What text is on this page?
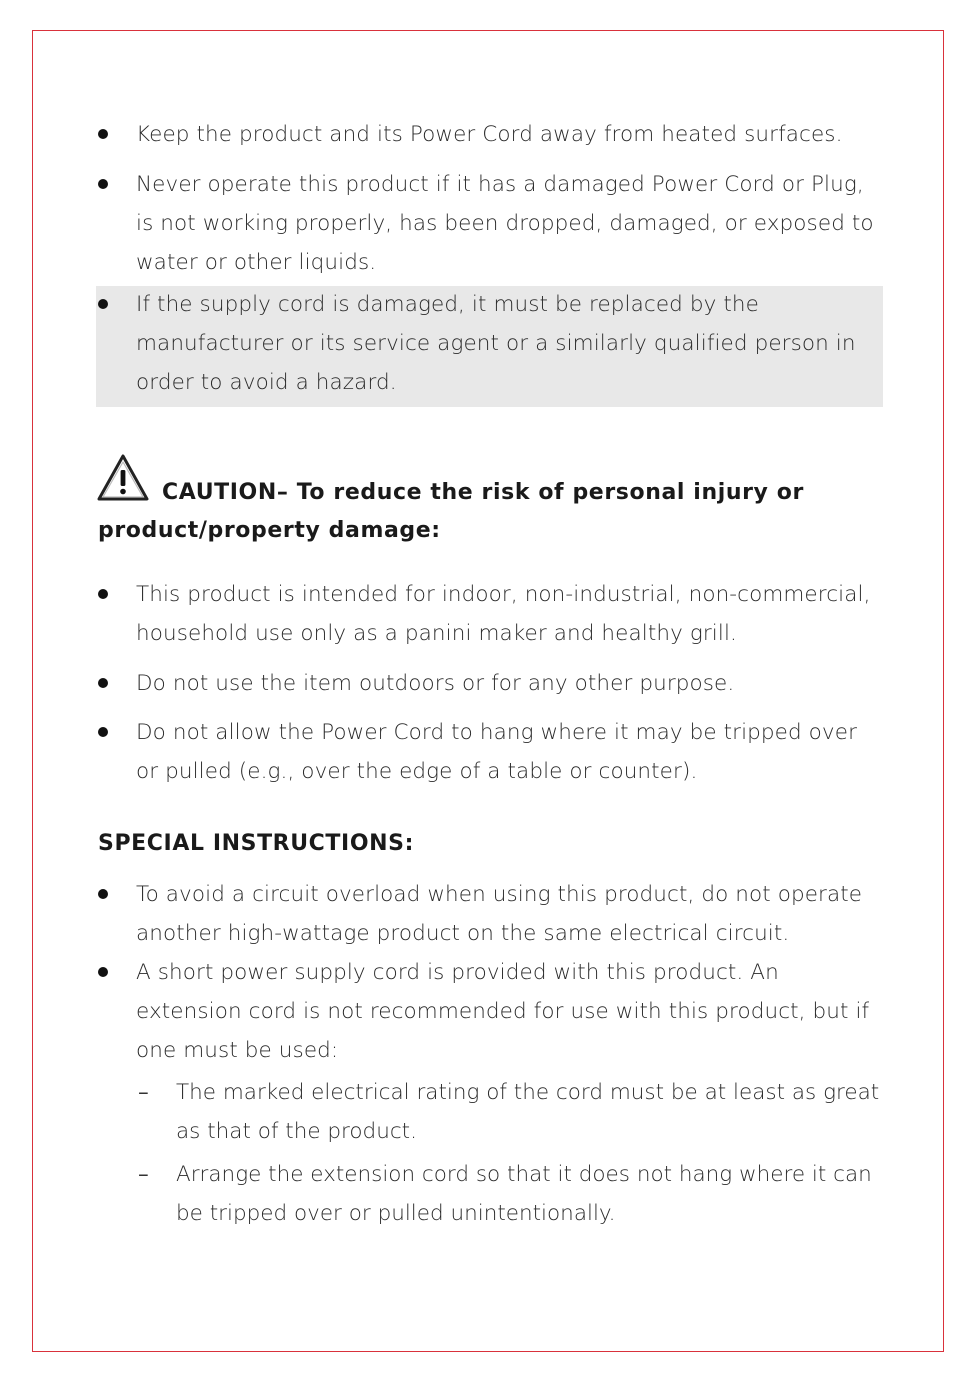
Keep the product and its Power Cord away from heated surfaces.

Never operate this product if it has a damaged Power Cord or Plug, is not working properly, has been dropped, damaged, or exposed to water or other liquids.

If the supply cord is damaged, it must be replaced by the manufacturer or its service agent or a similarly qualified person in order to avoid a hazard.

CAUTION– To reduce the risk of personal injury or
product/property damage:

This product is intended for indoor, non-industrial, non-commercial, household use only as a panini maker and healthy grill.

Do not use the item outdoors or for any other purpose.

Do not allow the Power Cord to hang where it may be tripped over or pulled (e.g., over the edge of a table or counter).

SPECIAL INSTRUCTIONS:

To avoid a circuit overload when using this product, do not operate another high-wattage product on the same electrical circuit.

A short power supply cord is provided with this product. An extension cord is not recommended for use with this product, but if one must be used:

– The marked electrical rating of the cord must be at least as great as that of the product.

– Arrange the extension cord so that it does not hang where it can be tripped over or pulled unintentionally.
